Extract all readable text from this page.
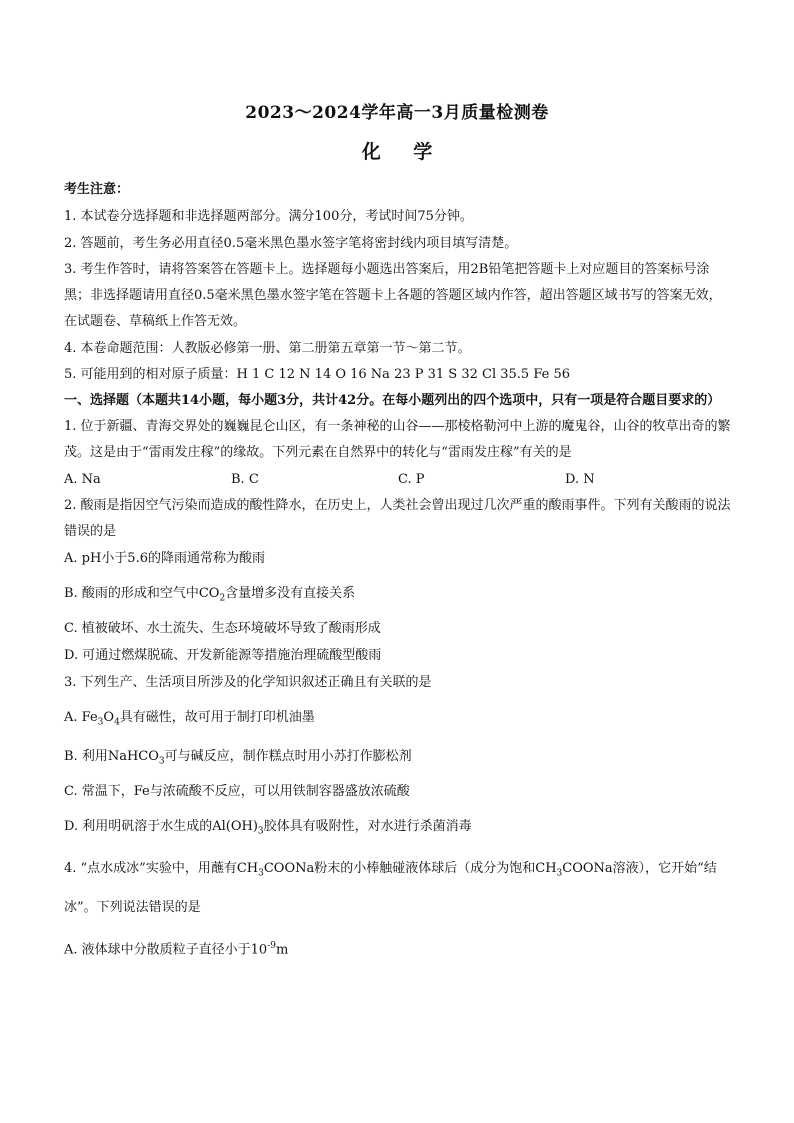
2023～2024学年高一3月质量检测卷
化 学
考生注意：
1. 本试卷分选择题和非选择题两部分。满分100分，考试时间75分钟。
2. 答题前，考生务必用直径0.5毫米黑色墨水签字笔将密封线内项目填写清楚。
3. 考生作答时，请将答案答在答题卡上。选择题每小题选出答案后，用2B铅笔把答题卡上对应题目的答案标号涂黑；非选择题请用直径0.5毫米黑色墨水签字笔在答题卡上各题的答题区域内作答，超出答题区域书写的答案无效，在试题卷、草稿纸上作答无效。
4. 本卷命题范围：人教版必修第一册、第二册第五章第一节～第二节。
5. 可能用到的相对原子质量：H 1 C 12 N 14 O 16 Na 23 P 31 S 32 Cl 35.5 Fe 56
一、选择题（本题共14小题，每小题3分，共计42分。在每小题列出的四个选项中，只有一项是符合题目要求的）
1. 位于新疆、青海交界处的巍巍昆仑山区，有一条神秘的山谷——那棱格勒河中上游的魔鬼谷，山谷的牧草出奇的繁茂。这是由于“雷雨发庄稼”的缘故。下列元素在自然界中的转化与“雷雨发庄稼”有关的是
A. Na	B. C	C. P	D. N
2. 酸雨是指因空气污染而造成的酸性降水，在历史上，人类社会曾出现过几次严重的酸雨事件。下列有关酸雨的说法错误的是
A. pH小于5.6的降雨通常称为酸雨
B. 酸雨的形成和空气中$CO_2$含量增多没有直接关系
C. 植被破坏、水土流失、生态环境破坏导致了酸雨形成
D. 可通过燃煤脱硫、开发新能源等措施治理硫酸型酸雨
3. 下列生产、生活项目所涉及的化学知识叙述正确且有关联的是
A. $Fe_3O_4$具有磁性，故可用于制打印机油墨
B. 利用NaHCO$_3$可与碱反应，制作糕点时用小苏打作膨松剂
C. 常温下，Fe与浓硫酸不反应，可以用铁制容器盛放浓硫酸
D. 利用明矾溶于水生成的$Al(OH)_3$胶体具有吸附性，对水进行杀菌消毒
4. “点水成冰”实验中，用蘸有$CH_3COONa$粉末的小棒触碰液体球后（成分为饱和$CH_3COONa$溶液），它开始“结冰”。下列说法错误的是
A. 液体球中分散质粒子直径小于$10^{-9}m$
